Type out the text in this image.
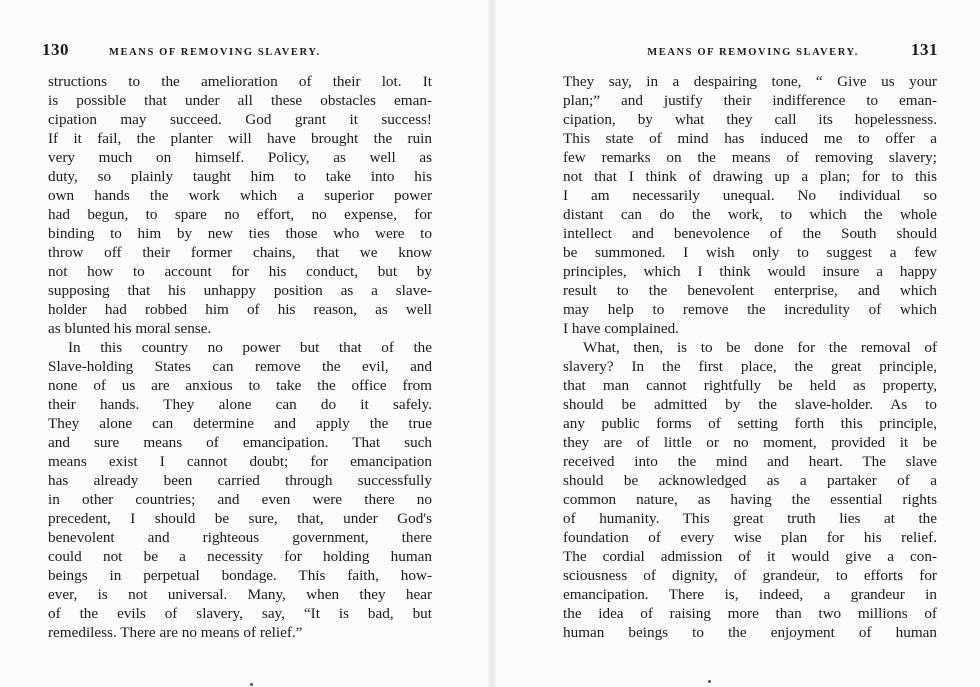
130	MEANS OF REMOVING SLAVERY.
structions to the amelioration of their lot. It
is possible that under all these obstacles eman-
cipation may succeed. God grant it success!
If it fail, the planter will have brought the ruin
very much on himself. Policy, as well as
duty, so plainly taught him to take into his
own hands the work which a superior power
had begun, to spare no effort, no expense, for
binding to him by new ties those who were to
throw off their former chains, that we know
not how to account for his conduct, but by
supposing that his unhappy position as a slave-
holder had robbed him of his reason, as well
as blunted his moral sense.
In this country no power but that of the
Slave-holding States can remove the evil, and
none of us are anxious to take the office from
their hands. They alone can do it safely.
They alone can determine and apply the true
and sure means of emancipation. That such
means exist I cannot doubt; for emancipation
has already been carried through successfully
in other countries; and even were there no
precedent, I should be sure, that, under God's
benevolent and righteous government, there
could not be a necessity for holding human
beings in perpetual bondage. This faith, how-
ever, is not universal. Many, when they hear
of the evils of slavery, say, “It is bad, but
remediless. There are no means of relief.”
MEANS OF REMOVING SLAVERY.	131
They say, in a despairing tone, “ Give us your
plan;” and justify their indifference to eman-
cipation, by what they call its hopelessness.
This state of mind has induced me to offer a
few remarks on the means of removing slavery;
not that I think of drawing up a plan; for to this
I am necessarily unequal. No individual so
distant can do the work, to which the whole
intellect and benevolence of the South should
be summoned. I wish only to suggest a few
principles, which I think would insure a happy
result to the benevolent enterprise, and which
may help to remove the incredulity of which
I have complained.
What, then, is to be done for the removal of
slavery? In the first place, the great principle,
that man cannot rightfully be held as property,
should be admitted by the slave-holder. As to
any public forms of setting forth this principle,
they are of little or no moment, provided it be
received into the mind and heart. The slave
should be acknowledged as a partaker of a
common nature, as having the essential rights
of humanity. This great truth lies at the
foundation of every wise plan for his relief.
The cordial admission of it would give a con-
sciousness of dignity, of grandeur, to efforts for
emancipation. There is, indeed, a grandeur in
the idea of raising more than two millions of
human beings to the enjoyment of human
